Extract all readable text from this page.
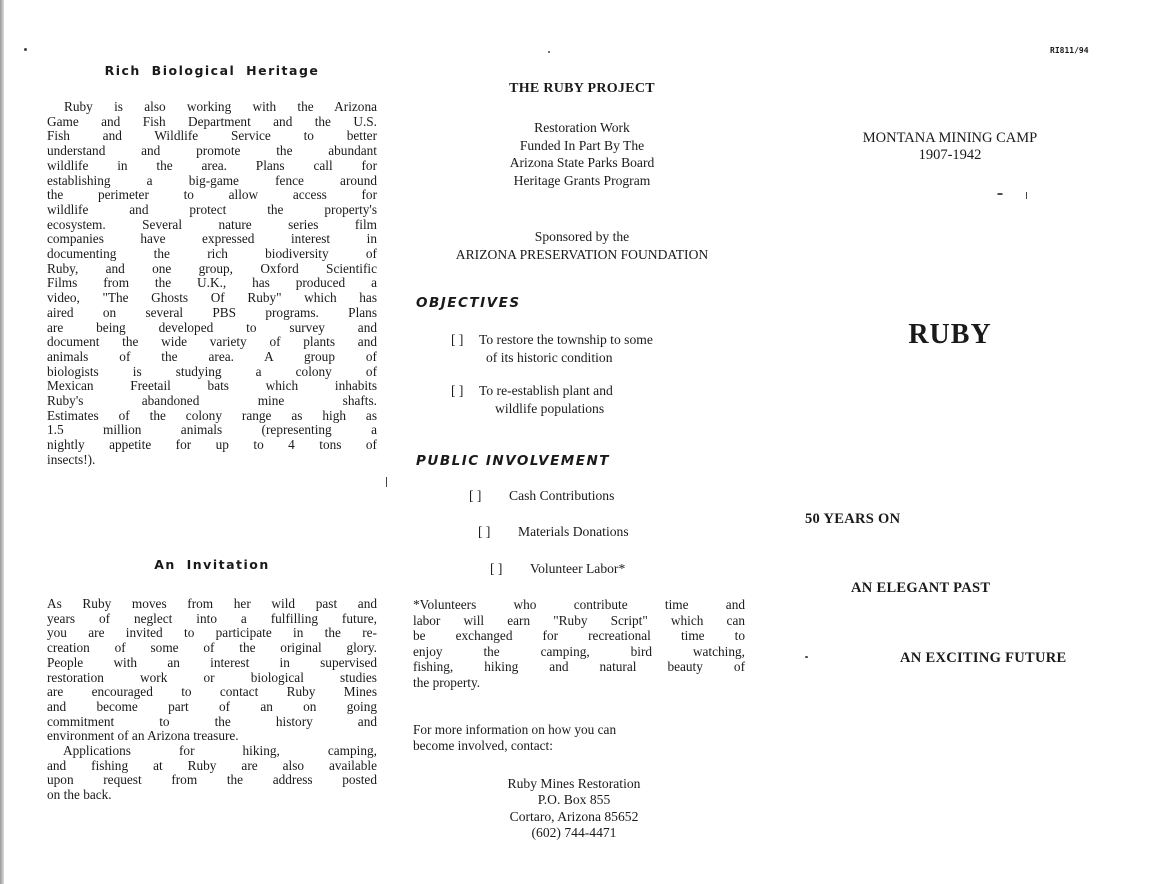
RI811/94
Rich Biological Heritage
Ruby is also working with the Arizona
Game and Fish Department and the U.S.
Fish and Wildlife Service to better
understand and promote the abundant
wildlife in the area. Plans call for
establishing a big-game fence around
the perimeter to allow access for
wildlife and protect the property's
ecosystem. Several nature series film
companies have expressed interest in
documenting the rich biodiversity of
Ruby, and one group, Oxford Scientific
Films from the U.K., has produced a
video, "The Ghosts Of Ruby" which has
aired on several PBS programs. Plans
are being developed to survey and
document the wide variety of plants and
animals of the area. A group of
biologists is studying a colony of
Mexican Freetail bats which inhabits
Ruby's abandoned mine shafts.
Estimates of the colony range as high as
1.5 million animals (representing a
nightly appetite for up to 4 tons of
insects!).
An Invitation
As Ruby moves from her wild past and
years of neglect into a fulfilling future,
you are invited to participate in the re-
creation of some of the original glory.
People with an interest in supervised
restoration work or biological studies
are encouraged to contact Ruby Mines
and become part of an on going
commitment to the history and
environment of an Arizona treasure.
Applications for hiking, camping,
and fishing at Ruby are also available
upon request from the address posted
on the back.
THE RUBY PROJECT
Restoration Work
Funded In Part By The
Arizona State Parks Board
Heritage Grants Program
Sponsored by the
ARIZONA PRESERVATION FOUNDATION
OBJECTIVES
[ ] To restore the township to some
of its historic condition
[ ] To re-establish plant and
wildlife populations
PUBLIC INVOLVEMENT
[ ] Cash Contributions
[ ] Materials Donations
[ ] Volunteer Labor*
*Volunteers who contribute time and
labor will earn "Ruby Script" which can
be exchanged for recreational time to
enjoy the camping, bird watching,
fishing, hiking and natural beauty of
the property.
For more information on how you can
become involved, contact:
Ruby Mines Restoration
P.O. Box 855
Cortaro, Arizona 85652
(602) 744-4471
MONTANA MINING CAMP
1907-1942
RUBY
50 YEARS ON
AN ELEGANT PAST
AN EXCITING FUTURE
